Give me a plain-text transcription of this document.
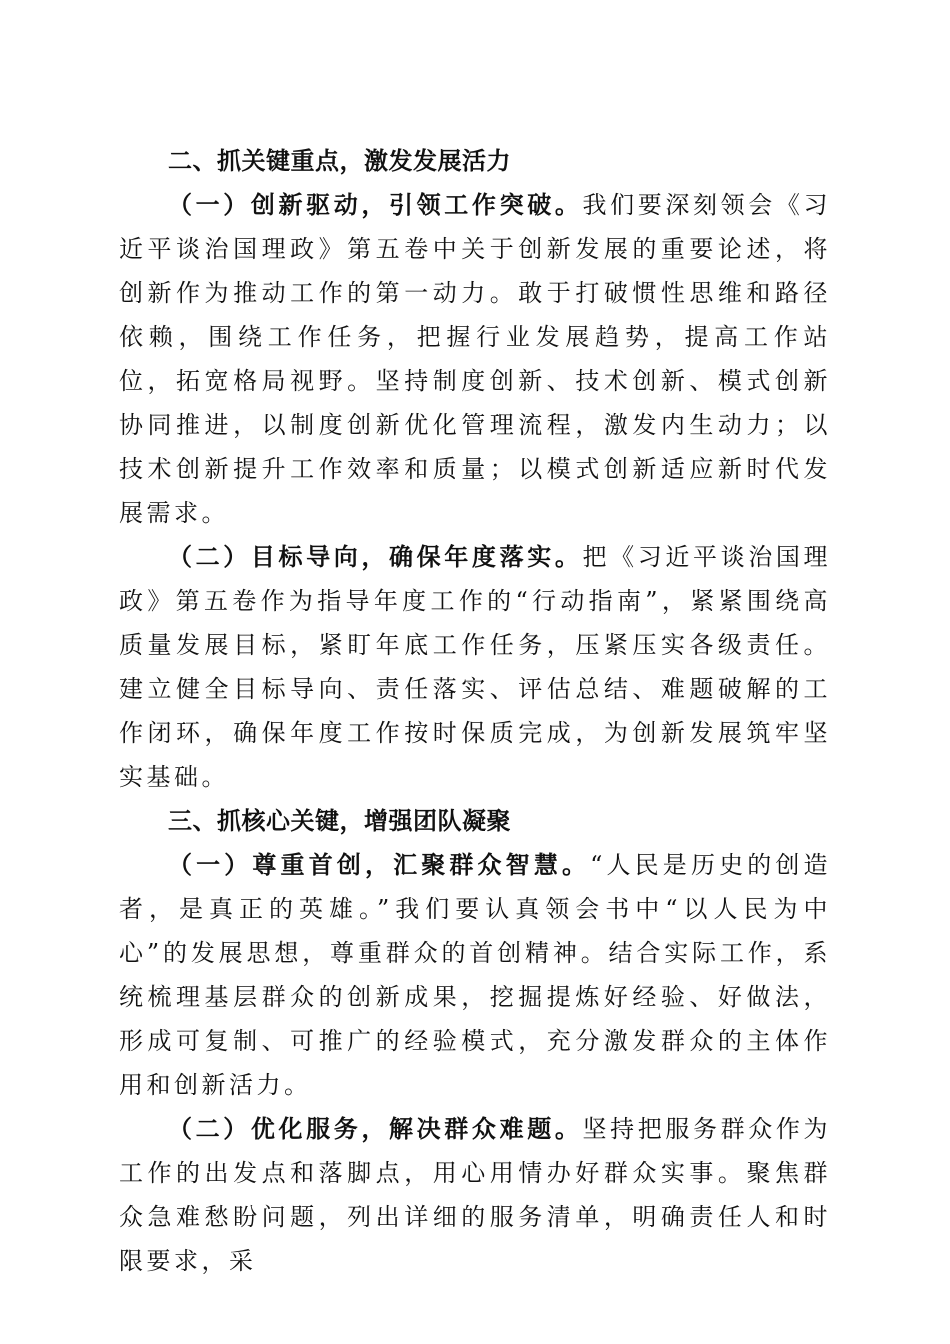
二、抓关键重点，激发发展活力

（一）创新驱动，引领工作突破。我们要深刻领会《习近平谈治国理政》第五卷中关于创新发展的重要论述，将创新作为推动工作的第一动力。敢于打破惯性思维和路径依赖，围绕工作任务，把握行业发展趋势，提高工作站位，拓宽格局视野。坚持制度创新、技术创新、模式创新协同推进，以制度创新优化管理流程，激发内生动力；以技术创新提升工作效率和质量；以模式创新适应新时代发展需求。

（二）目标导向，确保年度落实。把《习近平谈治国理政》第五卷作为指导年度工作的“行动指南”，紧紧围绕高质量发展目标，紧盯年底工作任务，压紧压实各级责任。建立健全目标导向、责任落实、评估总结、难题破解的工作闭环，确保年度工作按时保质完成，为创新发展筑牢坚实基础。

三、抓核心关键，增强团队凝聚

（一）尊重首创，汇聚群众智慧。“人民是历史的创造者，是真正的英雄。”我们要认真领会书中“以人民为中心”的发展思想，尊重群众的首创精神。结合实际工作，系统梳理基层群众的创新成果，挖掘提炼好经验、好做法，形成可复制、可推广的经验模式，充分激发群众的主体作用和创新活力。

（二）优化服务，解决群众难题。坚持把服务群众作为工作的出发点和落脚点，用心用情办好群众实事。聚焦群众急难愁盼问题，列出详细的服务清单，明确责任人和时限要求，采
